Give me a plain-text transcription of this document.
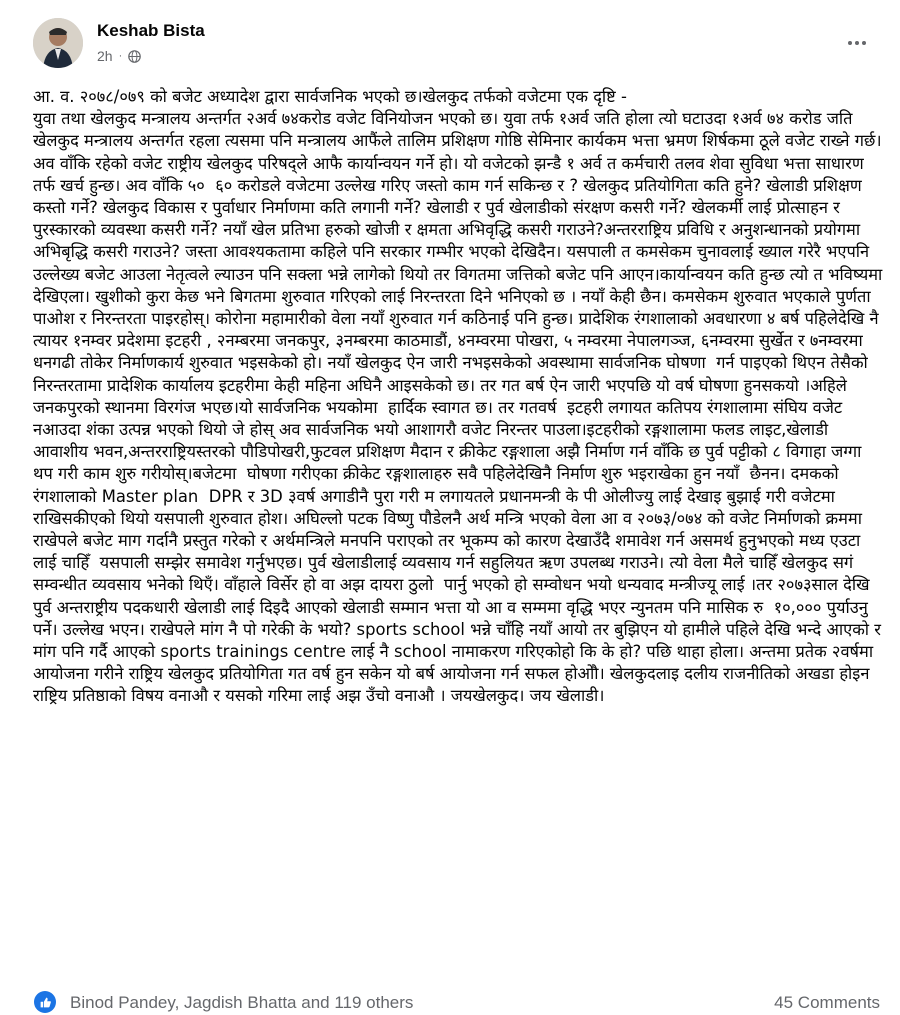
Keshab Bista
2h ·
आ. व. २०७८/०७९ को बजेट अध्यादेश द्वारा सार्वजनिक भएको छ।खेलकुद तर्फको वजेटमा एक दृष्टि -
युवा तथा खेलकुद मन्त्रालय अन्तर्गत २अर्व ७४करोड वजेट विनियोजन भएको छ। युवा तर्फ १अर्व जति होला त्यो घटाउदा १अर्व ७४ करोड जति खेलकुद मन्त्रालय अन्तर्गत रहला त्यसमा पनि मन्त्रालय आफैंले तालिम प्रशिक्षण गोष्ठि सेमिनार कार्यकम भत्ता भ्रमण शिर्षकमा ठूले वजेट राख्ने गर्छ। अव वाँकि रहेको वजेट राष्ट्रीय खेलकुद परिषद्ले आफै कार्यान्वयन गर्ने हो। यो वजेटको झन्डै १ अर्व त कर्मचारी तलव शेवा सुविधा भत्ता साधारण तर्फ खर्च हुन्छ। अव वाँकि ५०  ६० करोडले वजेटमा उल्लेख गरिए जस्तो काम गर्न सकिन्छ र ? खेलकुद प्रतियोगिता कति हुने? खेलाडी प्रशिक्षण कस्तो गर्ने? खेलकुद विकास र पुर्वाधार निर्माणमा कति लगानी गर्ने? खेलाडी र पुर्व खेलाडीको संरक्षण कसरी गर्ने? खेलकर्मी लाई प्रोत्साहन र पुरस्कारको व्यवस्था कसरी गर्ने? नयाँ खेल प्रतिभा हरुको खोजी र क्षमता अभिवृद्धि कसरी गराउने?अन्तरराष्ट्रिय प्रविधि र अनुशन्धानको प्रयोगमा अभिबृद्धि कसरी गराउने? जस्ता आवश्यकतामा कहिले पनि सरकार गम्भीर भएको देखिदैन। यसपाली त कमसेकम चुनावलाई ख्याल गरेरै भएपनि उल्लेख्य बजेट आउला नेतृत्वले ल्याउन पनि सक्ला भन्ने लागेको थियो तर विगतमा जत्तिको बजेट पनि आएन।कार्यान्वयन कति हुन्छ त्यो त भविष्यमा देखिएला। खुशीको कुरा केछ भने बिगतमा शुरुवात गरिएको लाई निरन्तरता दिने भनिएको छ । नयाँ केही छैन। कमसेकम शुरुवात भएकाले पुर्णता पाओश र निरन्तरता पाइरहोस्। कोरोना महामारीको वेला नयाँ शुरुवात गर्न कठिनाई पनि हुन्छ। प्रादेशिक रंगशालाको अवधारणा ४ बर्ष पहिलेदेखि नै त्यायर १नम्वर प्रदेशमा इटहरी , २नम्बरमा जनकपुर, ३नम्बरमा काठमाडौं, ४नम्वरमा पोखरा, ५ नम्वरमा नेपालगञ्ज, ६नम्वरमा सुर्खेत र ७नम्वरमा धनगढी तोकेर निर्माणकार्य शुरुवात भइसकेको हो। नयाँ खेलकुद ऐन जारी नभइसकेको अवस्थामा सार्वजनिक घोषणा  गर्न पाइएको थिएन तेसैको निरन्तरतामा प्रादेशिक कार्यालय इटहरीमा केही महिना अघिनै आइसकेको छ। तर गत बर्ष ऐन जारी भएपछि यो वर्ष घोषणा हुनसकयो ।अहिले जनकपुरको स्थानमा विरगंज भएछ।यो सार्वजनिक भयकोमा  हार्दिक स्वागत छ। तर गतवर्ष  इटहरी लगायत कतिपय रंगशालामा संघिय वजेट नआउदा शंका उत्पन्न भएको थियो जे होस् अव सार्वजनिक भयो आशागरौ वजेट निरन्तर पाउला।इटहरीको रङ्गशालामा फलड लाइट,खेलाडी आवाशीय भवन,अन्तरराष्ट्रियस्तरको पौडिपोखरी,फुटवल प्रशिक्षण मैदान र क्रीकेट रङ्गशाला अझै निर्माण गर्न वाँकि छ पुर्व पट्टीको ८ विगाहा जग्गा थप गरी काम शुरु गरीयोस्।बजेटमा  घोषणा गरीएका क्रीकेट रङ्गशालाहरु सवै पहिलेदेखिनै निर्माण शुरु भइराखेका हुन नयाँ  छैनन। दमकको रंगशालाको Master plan  DPR र 3D ३वर्ष अगाडीनै पुरा गरी म लगायतले प्रधानमन्त्री के पी ओलीज्यु लाई देखाइ बुझाई गरी वजेटमा राखिसकीएको थियो यसपाली शुरुवात होश। अघिल्लो पटक विष्णु पौडेलनै अर्थ मन्त्रि भएको वेला आ व २०७३/०७४ को वजेट निर्माणको क्रममा राखेपले बजेट माग गर्दानै प्रस्तुत गरेको र अर्थमन्त्रिले मनपनि पराएको तर भूकम्प को कारण देखाउँदै शमावेश गर्न असमर्थ हुनुभएको मध्य एउटा लाई चाहिँ  यसपाली सम्झेर समावेश गर्नुभएछ। पुर्व खेलाडीलाई व्यवसाय गर्न सहुलियत ऋण उपलब्ध गराउने। त्यो वेला मैले चाहिँ खेलकुद सगं सम्वन्धीत व्यवसाय भनेको थिएँ। वाँहाले विर्सेर हो वा अझ दायरा ठुलो  पार्नु भएको हो सम्वोधन भयो धन्यवाद मन्त्रीज्यू लाई ।तर २०७३साल देखि पुर्व अन्तराष्ट्रीय पदकधारी खेलाडी लाई दिइदै आएको खेलाडी सम्मान भत्ता यो आ व सम्ममा वृद्धि भएर न्युनतम पनि मासिक रु  १०,००० पुर्याउनु पर्ने। उल्लेख भएन। राखेपले मांग नै पो गरेकी के भयो? sports school भन्ने चाँहि नयाँ आयो तर बुझिएन यो हामीले पहिले देखि भन्दे आएको र मांग पनि गर्दै आएको sports trainings centre लाई नै school नामाकरण गरिएकोहो कि के हो? पछि थाहा होला। अन्तमा प्रतेक २वर्षमा आयोजना गरीने राष्ट्रिय खेलकुद प्रतियोगिता गत वर्ष हुन सकेन यो बर्ष आयोजना गर्न सफल होओौ। खेलकुदलाइ दलीय राजनीतिको अखडा होइन राष्ट्रिय प्रतिष्ठाको विषय वनाऔ र यसको गरिमा लाई अझ उँचो वनाऔ । जयखेलकुद। जय खेलाडी।
Binod Pandey, Jagdish Bhatta and 119 others	45 Comments
